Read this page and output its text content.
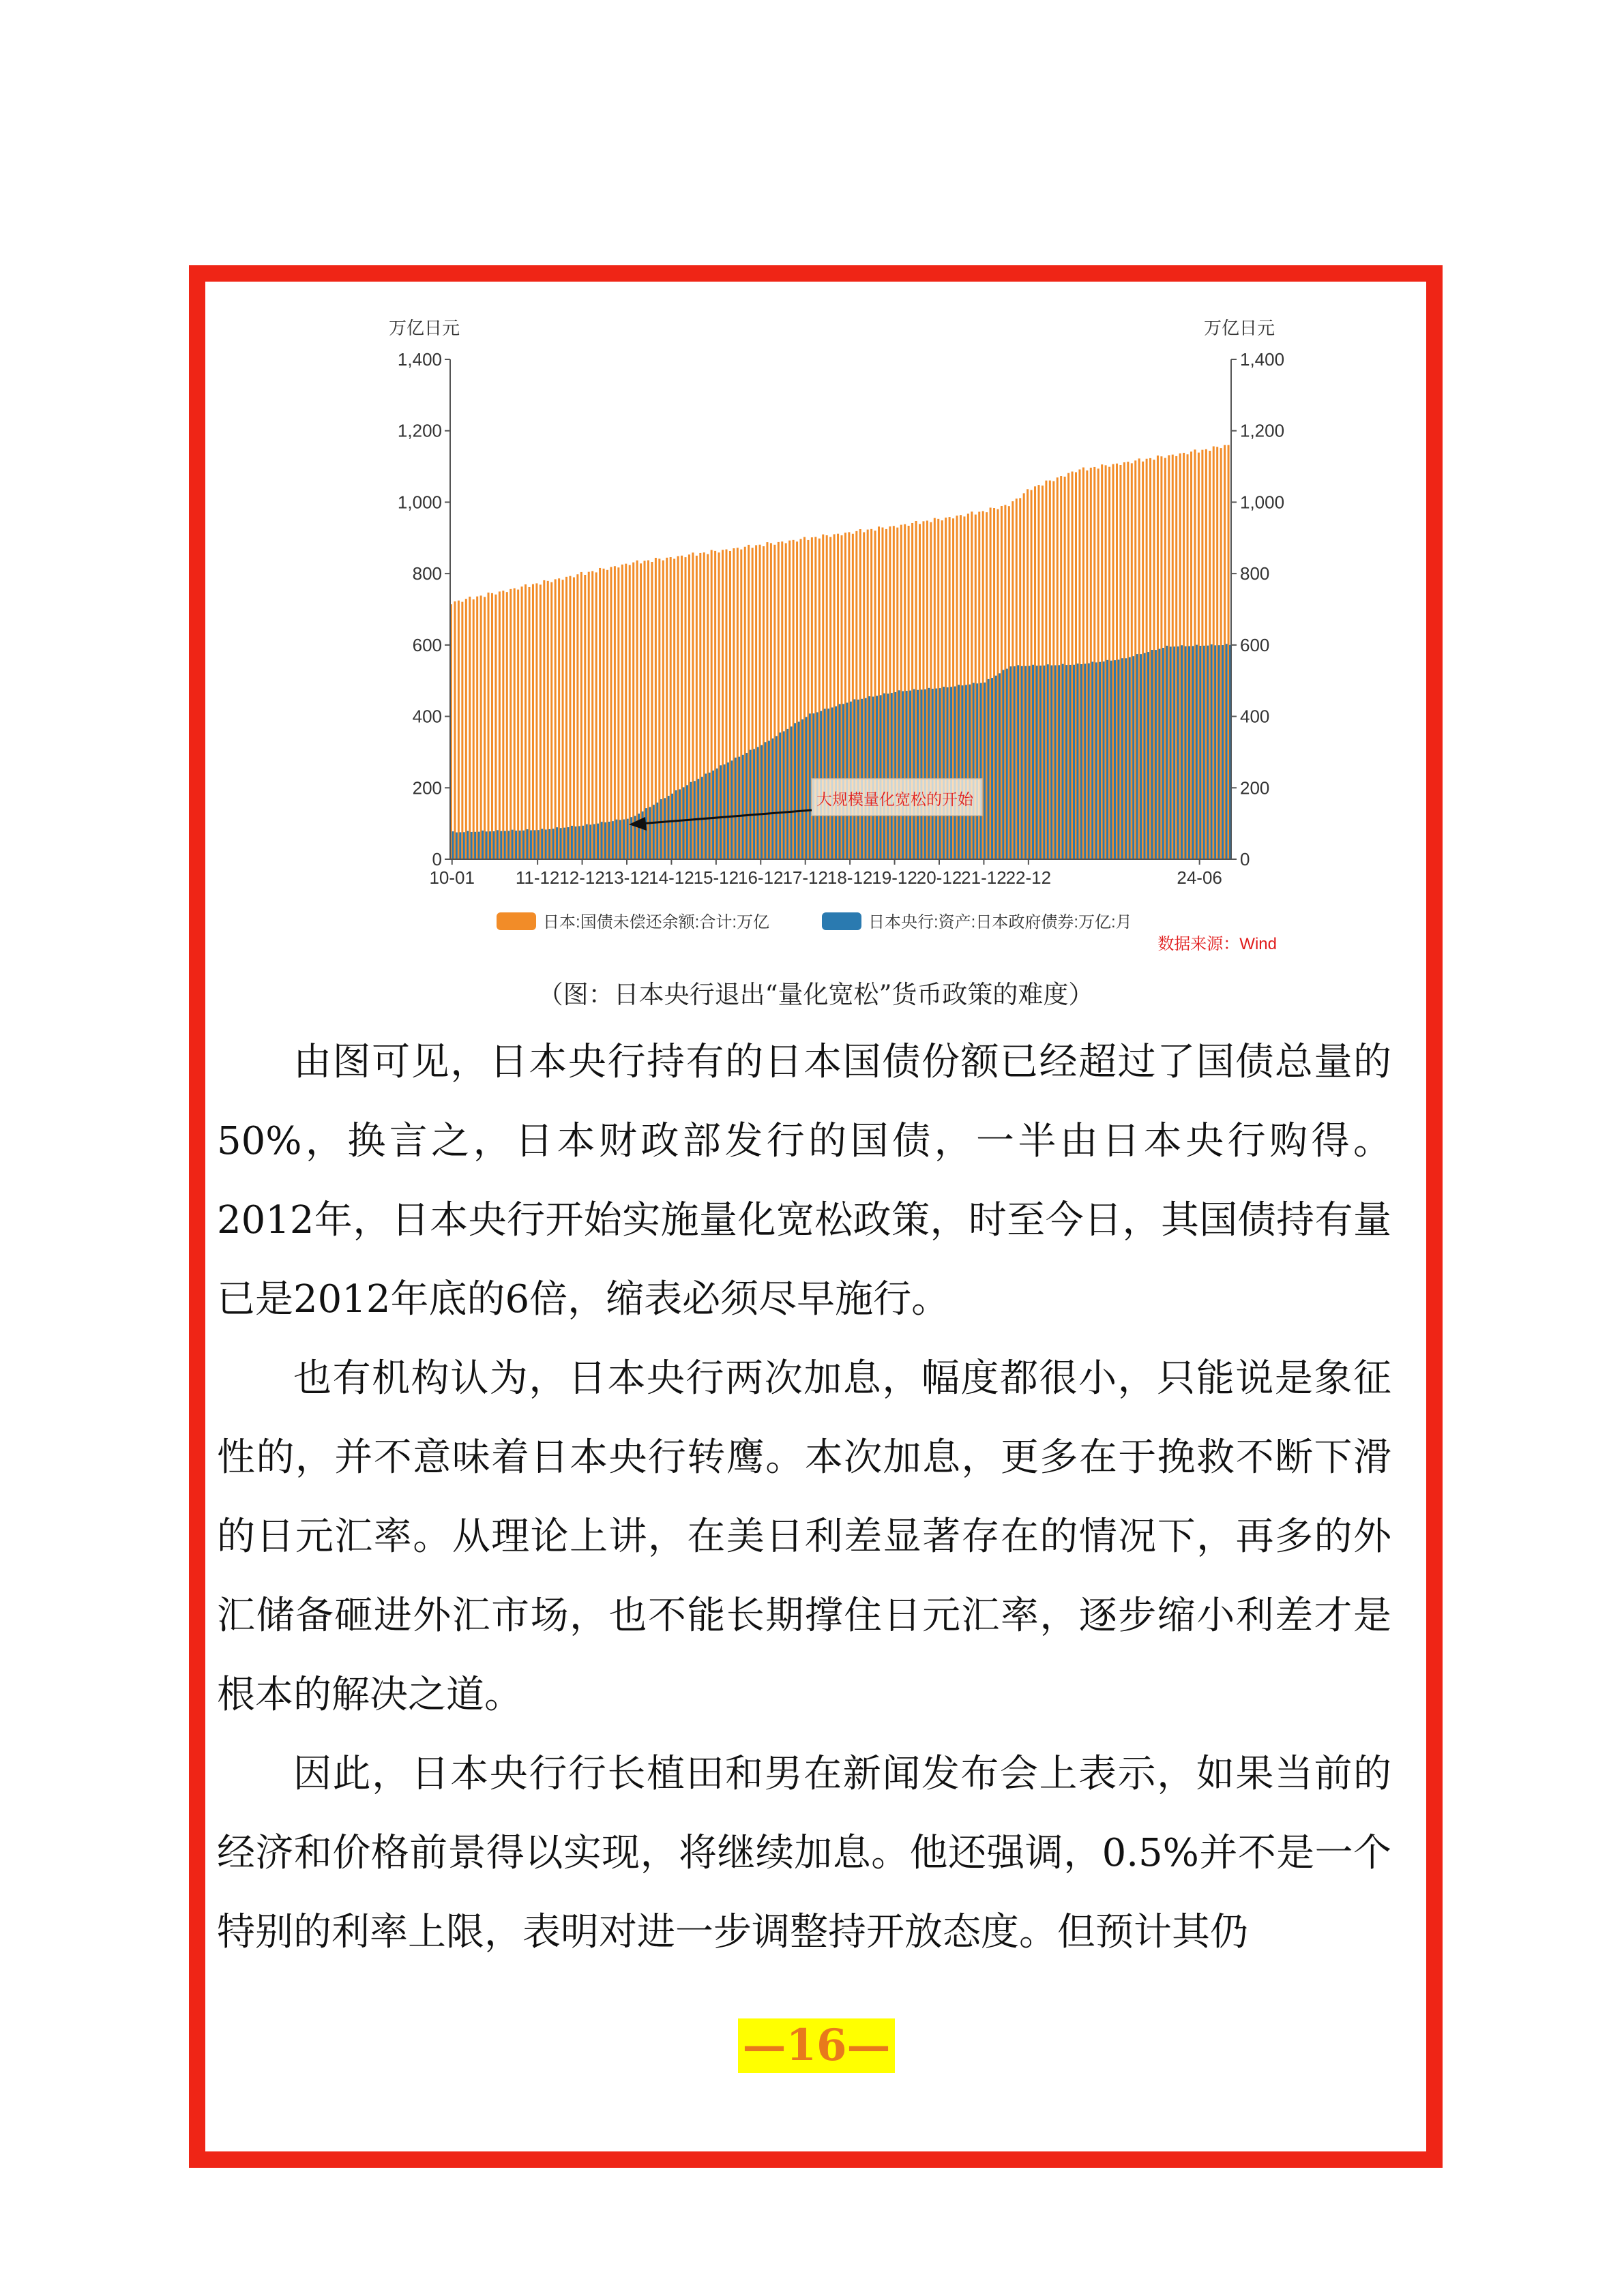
0	0
200	200
400	400
600	600
800	800
1,000	1,000
1,200	1,200
1,400	1,400
10-01 11-12 12-12
13-12
14-12
15-12
16-12
17-12
18-12
19-12
20-12
21-12
22-12	24-06
万亿日元	万亿日元
大规模量化宽松的开始
日本:国债未偿还余额:合计:万亿	日本央行:资产:日本政府债券:万亿:月
数据来源：Wind
（图：日本央行退出“量化宽松”货币政策的难度）

由图可见，日本央行持有的日本国债份额已经超过了国债总量的50%，换言之，日本财政部发行的国债，一半由日本央行购得。2012年，日本央行开始实施量化宽松政策，时至今日，其国债持有量已是2012年底的6倍，缩表必须尽早施行。

也有机构认为，日本央行两次加息，幅度都很小，只能说是象征性的，并不意味着日本央行转鹰。本次加息，更多在于挽救不断下滑的日元汇率。从理论上讲，在美日利差显著存在的情况下，再多的外汇储备砸进外汇市场，也不能长期撑住日元汇率，逐步缩小利差才是根本的解决之道。

因此，日本央行行长植田和男在新闻发布会上表示，如果当前的经济和价格前景得以实现，将继续加息。他还强调，0.5%并不是一个特别的利率上限，表明对进一步调整持开放态度。但预计其仍

—16—
